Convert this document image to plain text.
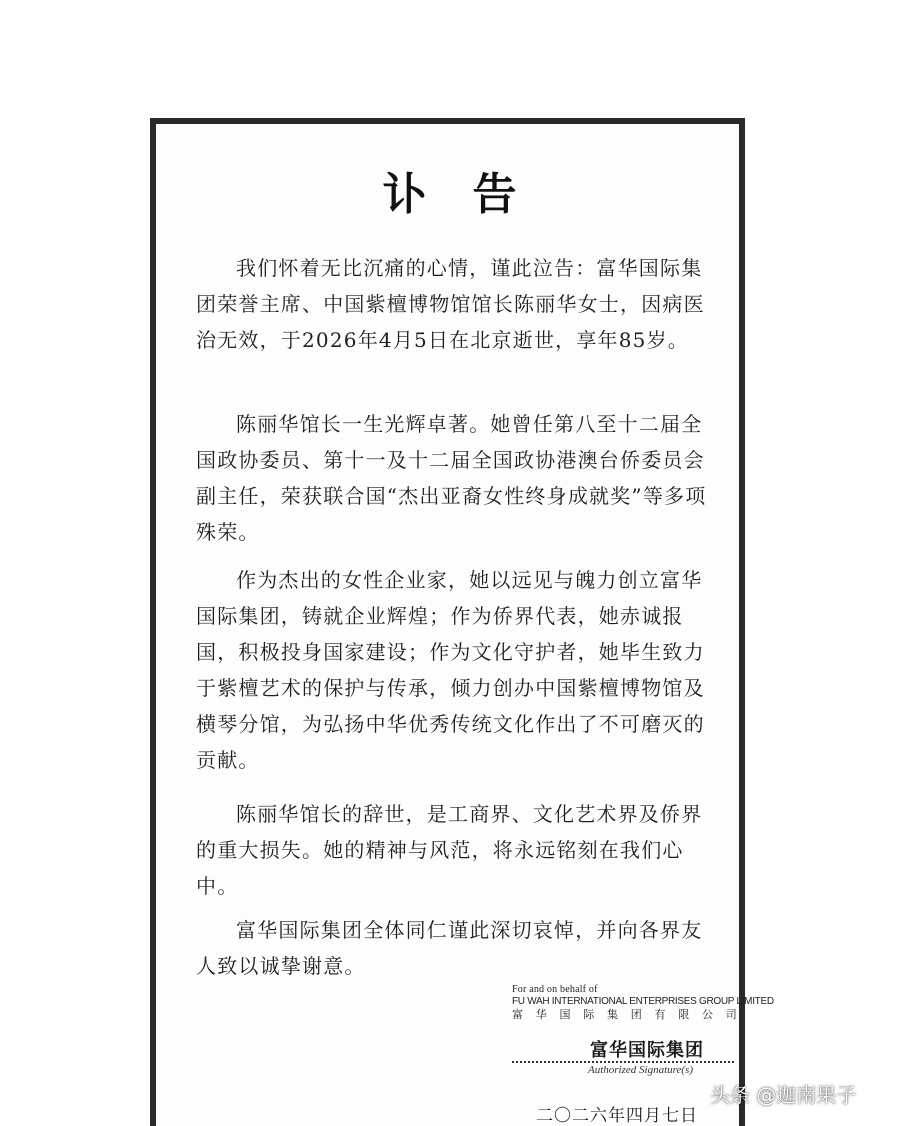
讣告

我们怀着无比沉痛的心情，谨此泣告：富华国际集团荣誉主席、中国紫檀博物馆馆长陈丽华女士，因病医治无效，于2026年4月5日在北京逝世，享年85岁。

陈丽华馆长一生光辉卓著。她曾任第八至十二届全国政协委员、第十一及十二届全国政协港澳台侨委员会副主任，荣获联合国“杰出亚裔女性终身成就奖”等多项殊荣。

作为杰出的女性企业家，她以远见与魄力创立富华国际集团，铸就企业辉煌；作为侨界代表，她赤诚报国，积极投身国家建设；作为文化守护者，她毕生致力于紫檀艺术的保护与传承，倾力创办中国紫檀博物馆及横琴分馆，为弘扬中华优秀传统文化作出了不可磨灭的贡献。

陈丽华馆长的辞世，是工商界、文化艺术界及侨界的重大损失。她的精神与风范，将永远铭刻在我们心中。

富华国际集团全体同仁谨此深切哀悼，并向各界友人致以诚挚谢意。

For and on behalf of
FU WAH INTERNATIONAL ENTERPRISES GROUP LIMITED
富 华 国 际 集 团 有 限 公 司
富华国际集团
Authorized Signature(s)
二〇二六年四月七日
头条 @迦南果子
